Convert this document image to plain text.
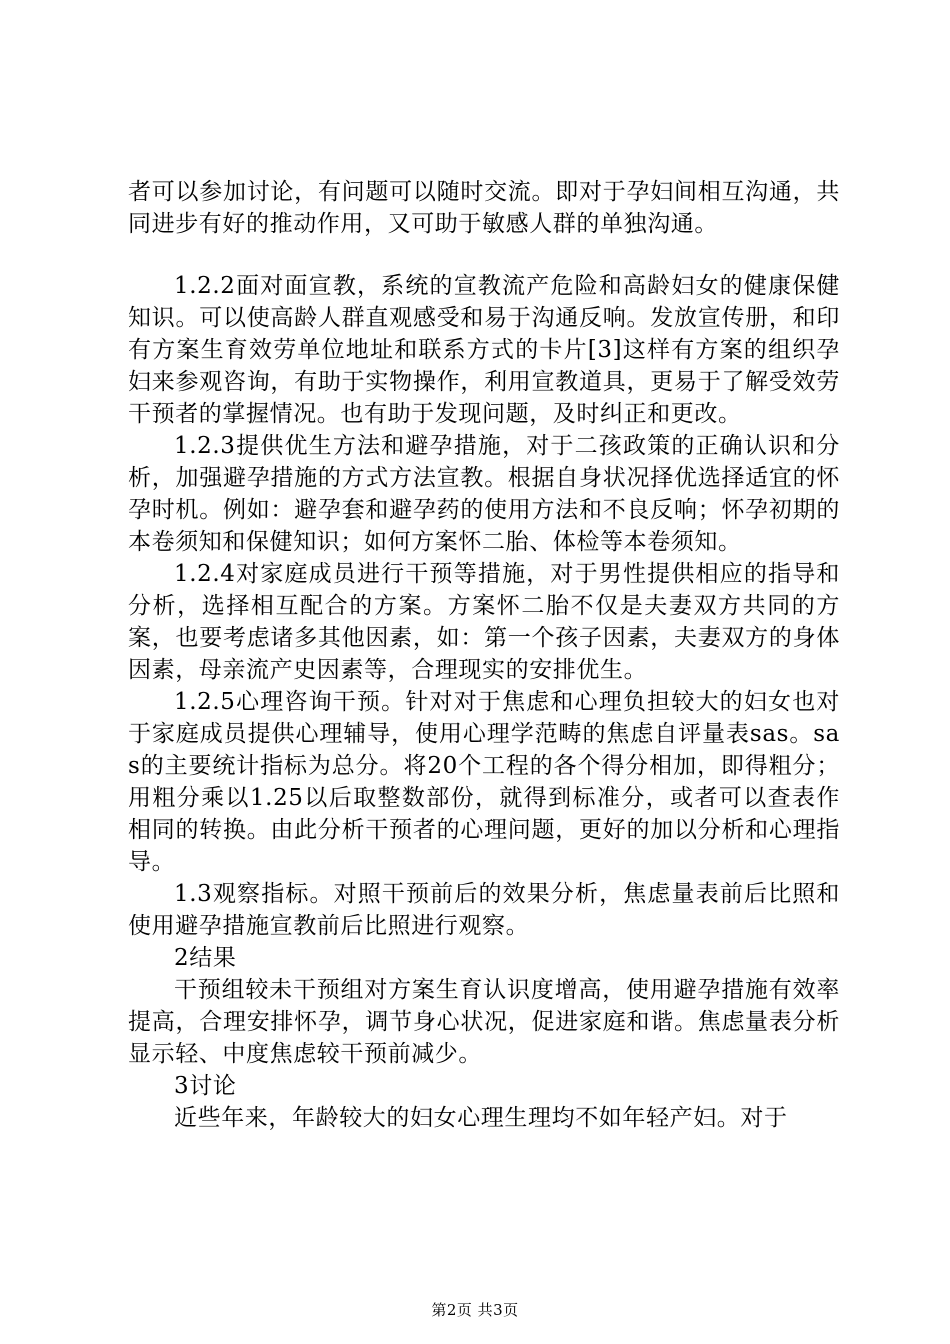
者可以参加讨论，有问题可以随时交流。即对于孕妇间相互沟通，共同进步有好的推动作用，又可助于敏感人群的单独沟通。

1.2.2面对面宣教，系统的宣教流产危险和高龄妇女的健康保健知识。可以使高龄人群直观感受和易于沟通反响。发放宣传册，和印有方案生育效劳单位地址和联系方式的卡片[3]这样有方案的组织孕妇来参观咨询，有助于实物操作，利用宣教道具，更易于了解受效劳干预者的掌握情况。也有助于发现问题，及时纠正和更改。

1.2.3提供优生方法和避孕措施，对于二孩政策的正确认识和分析，加强避孕措施的方式方法宣教。根据自身状况择优选择适宜的怀孕时机。例如：避孕套和避孕药的使用方法和不良反响；怀孕初期的本卷须知和保健知识；如何方案怀二胎、体检等本卷须知。

1.2.4对家庭成员进行干预等措施，对于男性提供相应的指导和分析，选择相互配合的方案。方案怀二胎不仅是夫妻双方共同的方案，也要考虑诸多其他因素，如：第一个孩子因素，夫妻双方的身体因素，母亲流产史因素等，合理现实的安排优生。

1.2.5心理咨询干预。针对对于焦虑和心理负担较大的妇女也对于家庭成员提供心理辅导，使用心理学范畴的焦虑自评量表sas。sas的主要统计指标为总分。将20个工程的各个得分相加，即得粗分；用粗分乘以1.25以后取整数部份，就得到标准分，或者可以查表作相同的转换。由此分析干预者的心理问题，更好的加以分析和心理指导。

1.3观察指标。对照干预前后的效果分析，焦虑量表前后比照和使用避孕措施宣教前后比照进行观察。

2结果

干预组较未干预组对方案生育认识度增高，使用避孕措施有效率提高，合理安排怀孕，调节身心状况，促进家庭和谐。焦虑量表分析显示轻、中度焦虑较干预前减少。

3讨论

近些年来，年龄较大的妇女心理生理均不如年轻产妇。对于

第2页 共3页
